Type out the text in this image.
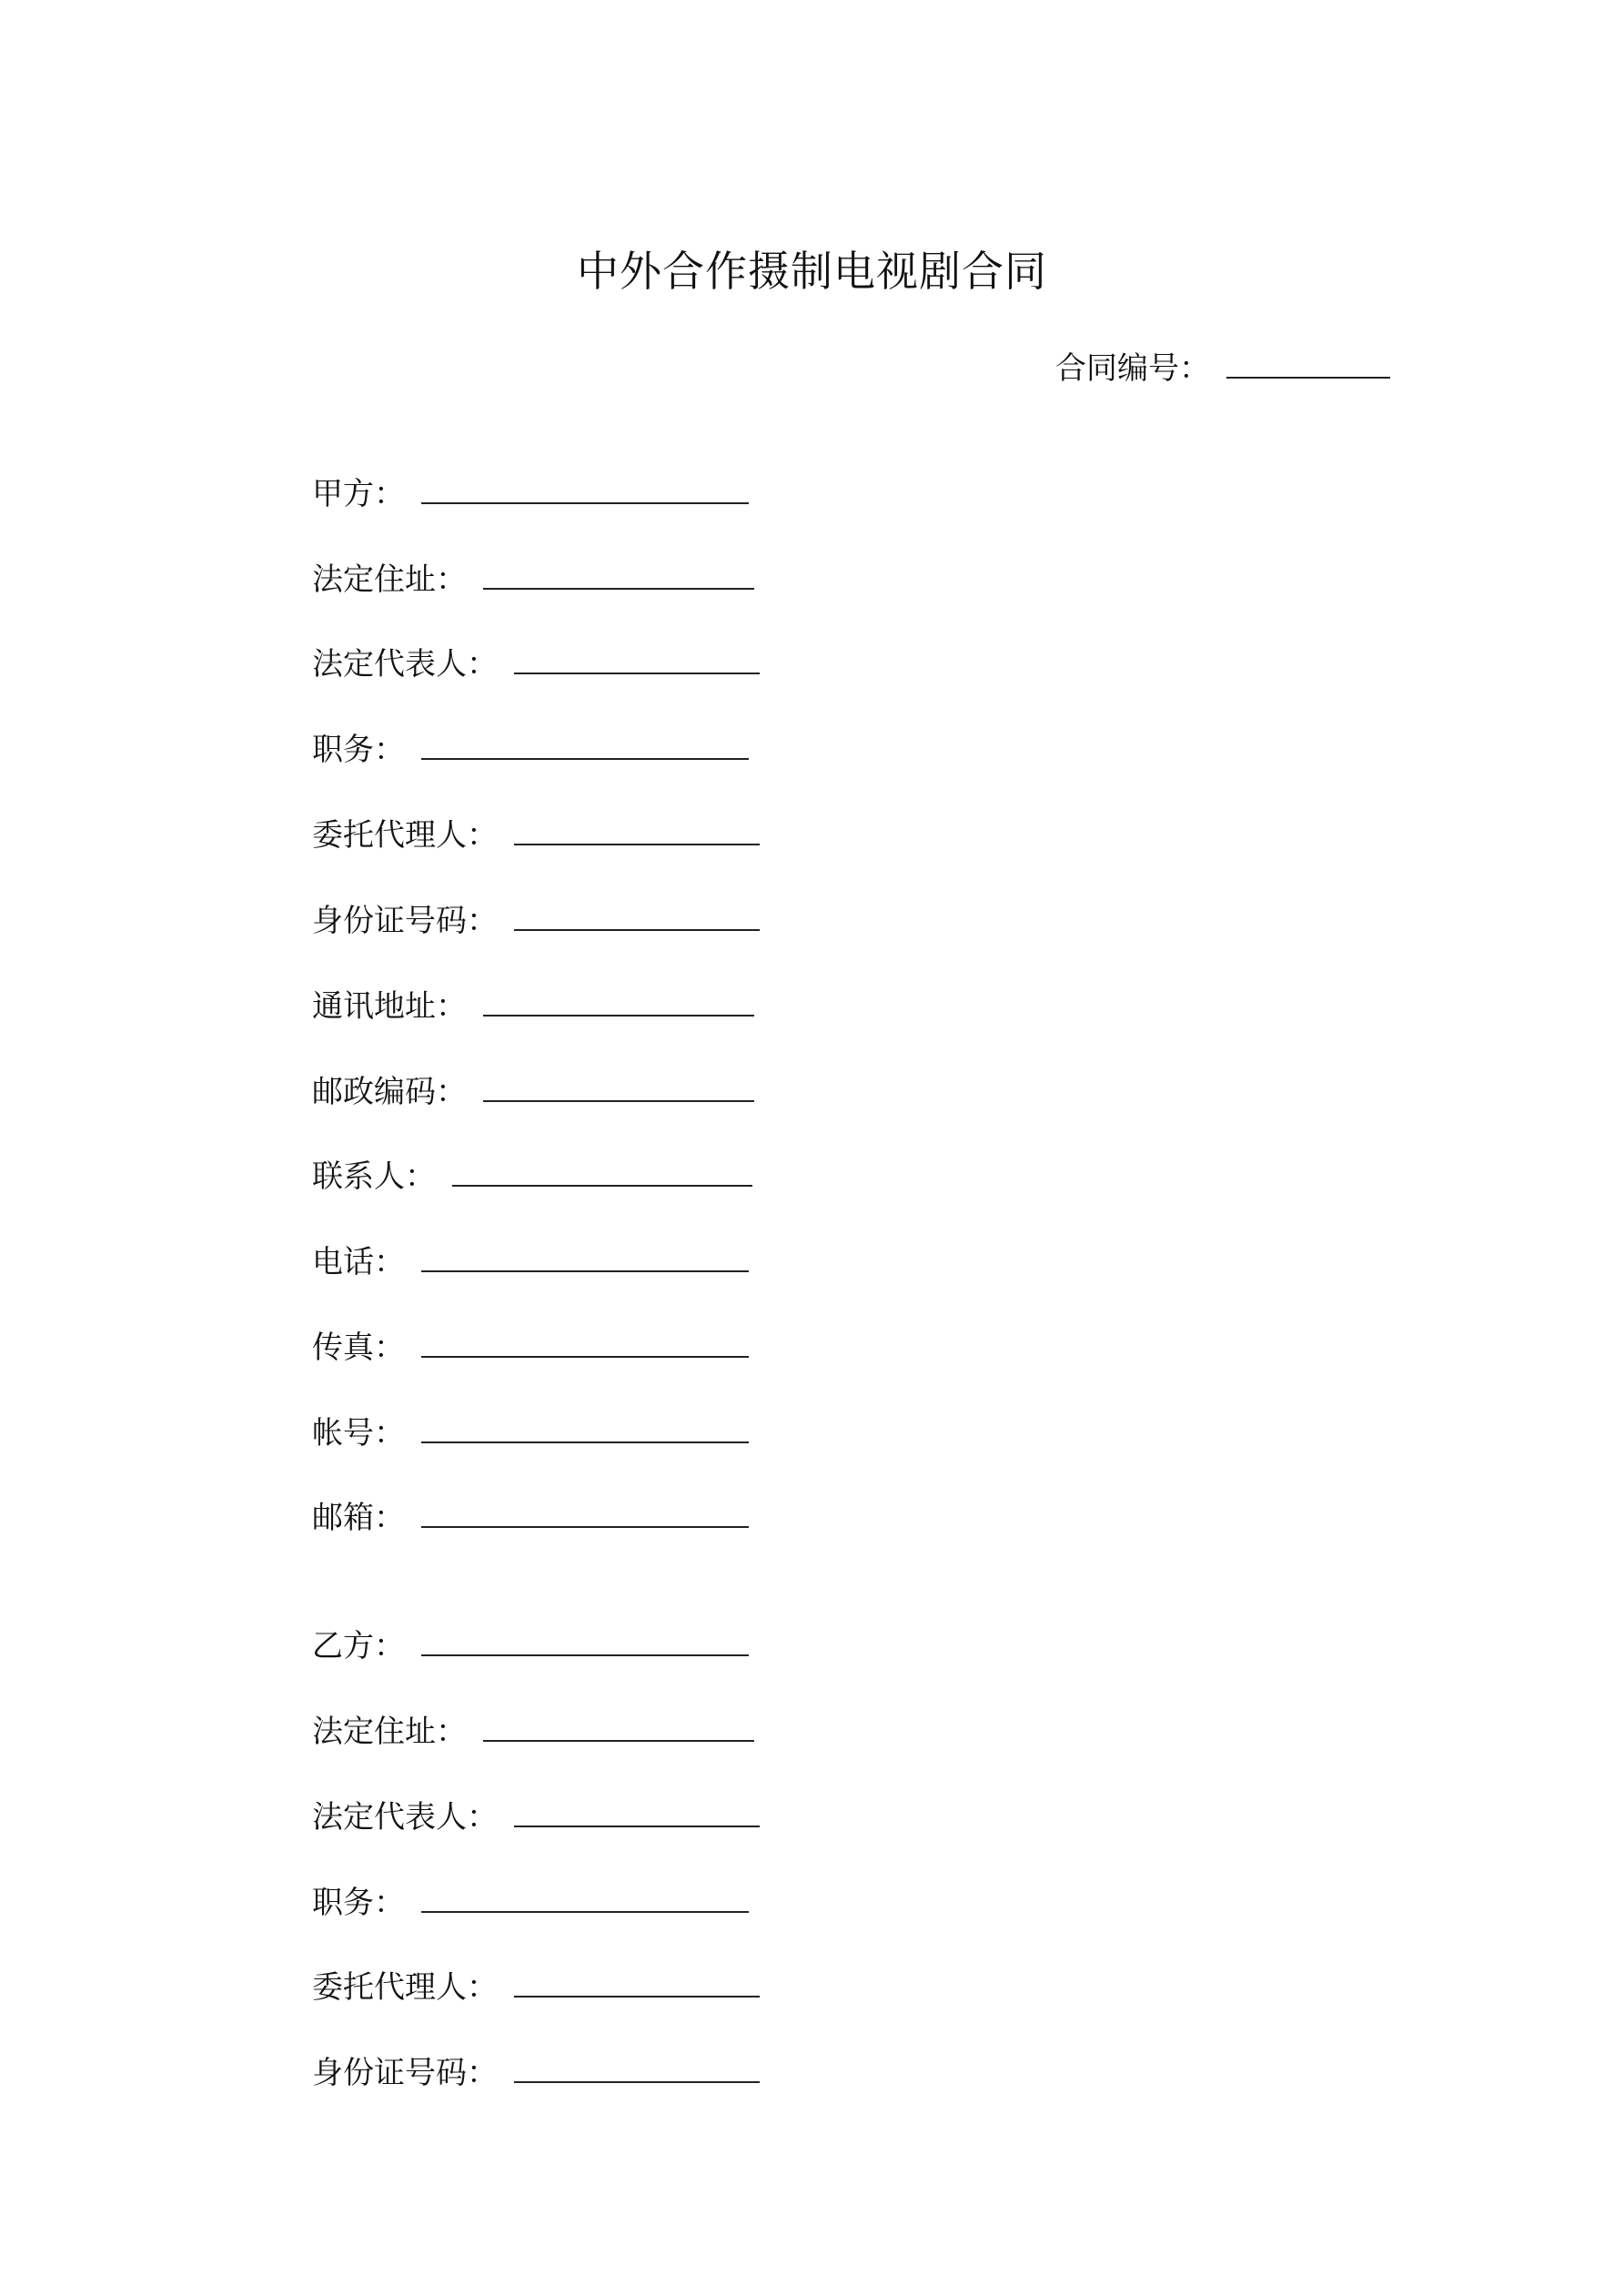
中外合作摄制电视剧合同
合同编号：
甲方：
法定住址：
法定代表人：
职务：
委托代理人：
身份证号码：
通讯地址：
邮政编码：
联系人：
电话：
传真：
帐号：
邮箱：
乙方：
法定住址：
法定代表人：
职务：
委托代理人：
身份证号码：
